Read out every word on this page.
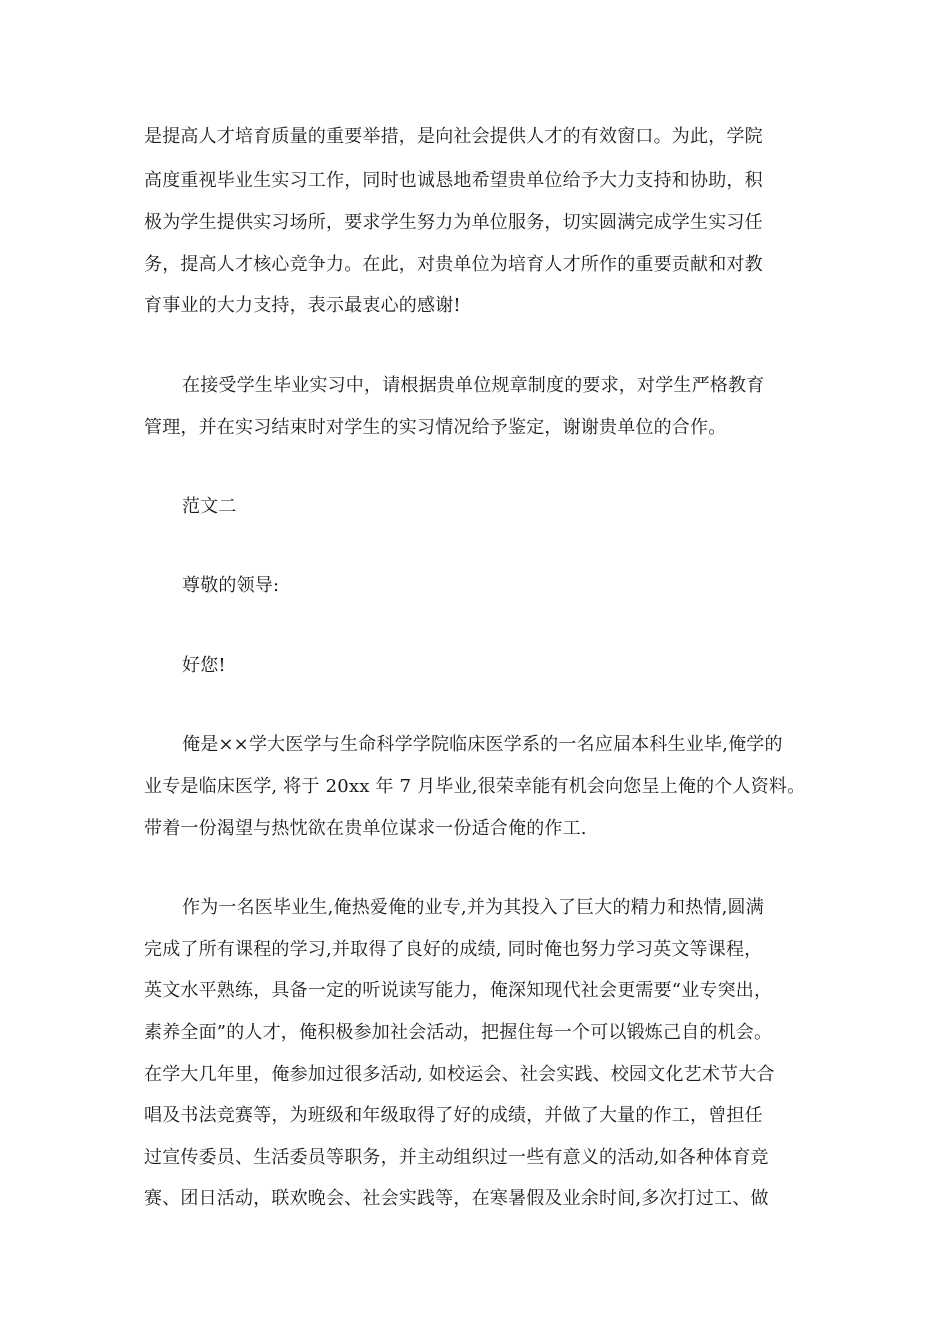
是提高人才培育质量的重要举措，是向社会提供人才的有效窗口。为此，学院
高度重视毕业生实习工作，同时也诚恳地希望贵单位给予大力支持和协助，积
极为学生提供实习场所，要求学生努力为单位服务，切实圆满完成学生实习任
务，提高人才核心竞争力。在此，对贵单位为培育人才所作的重要贡献和对教
育事业的大力支持，表示最衷心的感谢!
在接受学生毕业实习中，请根据贵单位规章制度的要求，对学生严格教育
管理，并在实习结束时对学生的实习情况给予鉴定，谢谢贵单位的合作。
范文二
尊敬的领导:
好您!
俺是××学大医学与生命科学学院临床医学系的一名应届本科生业毕,俺学的
业专是临床医学, 将于 20xx 年 7 月毕业,很荣幸能有机会向您呈上俺的个人资料。
带着一份渴望与热忱欲在贵单位谋求一份适合俺的作工.
作为一名医毕业生,俺热爱俺的业专,并为其投入了巨大的精力和热情,圆满
完成了所有课程的学习,并取得了良好的成绩, 同时俺也努力学习英文等课程，
英文水平熟练，具备一定的听说读写能力，俺深知现代社会更需要“业专突出，
素养全面”的人才，俺积极参加社会活动，把握住每一个可以锻炼己自的机会。
在学大几年里，俺参加过很多活动, 如校运会、社会实践、校园文化艺术节大合
唱及书法竞赛等，为班级和年级取得了好的成绩，并做了大量的作工，曾担任
过宣传委员、生活委员等职务，并主动组织过一些有意义的活动,如各种体育竞
赛、团日活动，联欢晚会、社会实践等，在寒暑假及业余时间,多次打过工、做
